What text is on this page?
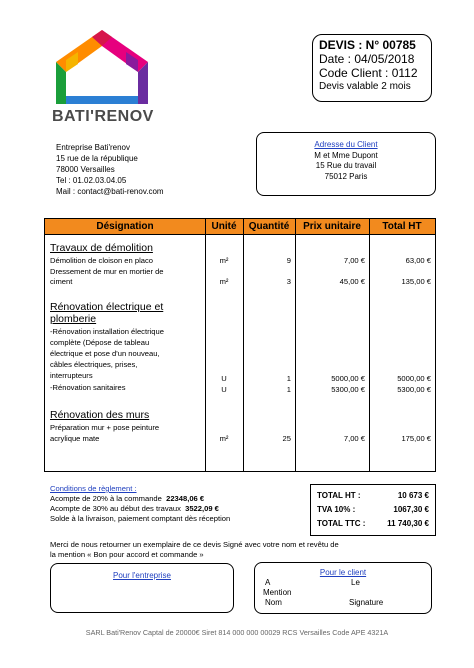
BATI'RENOV
DEVIS : N° 00785
Date : 04/05/2018
Code Client : 0112
Devis valable 2 mois
Entreprise Bati'renov
15 rue de la république
78000 Versailles
Tel : 01.02.03.04.05
Mail : contact@bati-renov.com
Adresse du Client
M et Mme Dupont
15 Rue du travail
75012 Paris
Désignation	Unité	Quantité	Prix unitaire	Total HT
Travaux de démolition
Démolition de cloison en placo	m²	9	7,00 €	63,00 €
Dressement de mur en mortier de
ciment	m²	3	45,00 €	135,00 €
Rénovation électrique et
plomberie
-Rénovation installation électrique
complète (Dépose de tableau
électrique et pose d'un nouveau,
câbles électriques, prises,
interrupteurs	U	1	5000,00 €	5000,00 €
-Rénovation sanitaires	U	1	5300,00 €	5300,00 €
Rénovation des murs
Préparation mur + pose peinture
acrylique mate	m²	25	7,00 €	175,00 €
Conditions de règlement :
Acompte de 20% à la commande 22348,06 €
Acompte de 30% au début des travaux 3522,09 €
Solde à la livraison, paiement comptant dès réception
TOTAL HT :	10 673 €
TVA 10% :	1067,30 €
TOTAL TTC :	11 740,30 €
Merci de nous retourner un exemplaire de ce devis Signé avec votre nom et revêtu de
la mention « Bon pour accord et commande »
Pour l'entreprise	Pour le client
A	Le
Mention
Nom	Signature
SARL Bati'Renov Captal de 20000€ Siret 814 000 000 00029 RCS Versailles Code APE 4321A
